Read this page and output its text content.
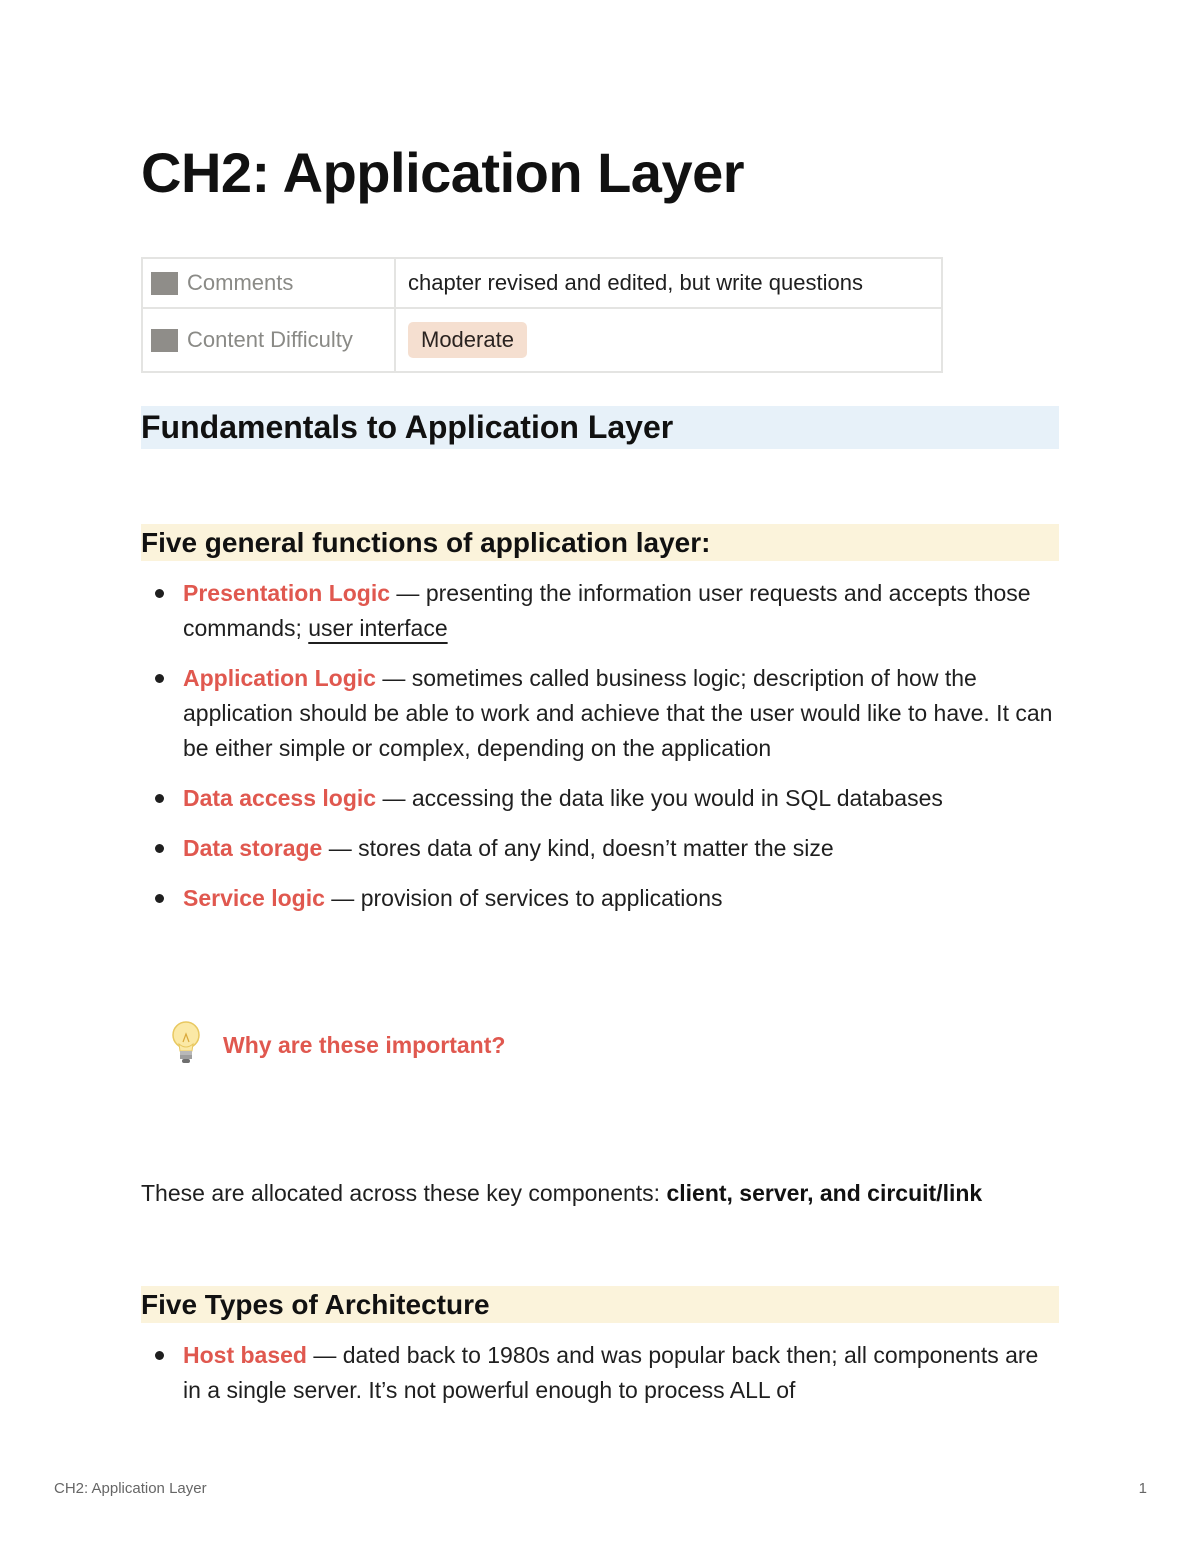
CH2: Application Layer
Comments	chapter revised and edited, but write questions
Content Difficulty	Moderate
Fundamentals to Application Layer
Five general functions of application layer:
Presentation Logic — presenting the information user requests and accepts those commands; user interface
Application Logic — sometimes called business logic; description of how the application should be able to work and achieve that the user would like to have. It can be either simple or complex, depending on the application
Data access logic — accessing the data like you would in SQL databases
Data storage — stores data of any kind, doesn’t matter the size
Service logic — provision of services to applications
Why are these important?

These are allocated across these key components: client, server, and circuit/link

Five Types of Architecture
Host based — dated back to 1980s and was popular back then; all components are in a single server. It’s not powerful enough to process ALL of
CH2: Application Layer	1
